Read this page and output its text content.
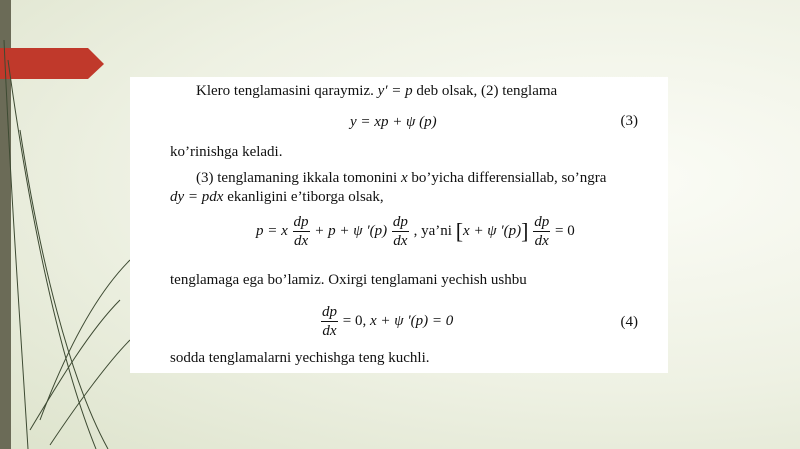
Klero tenglamasini qaraymiz. y′ = p deb olsak, (2) tenglama
y = xp + ψ (p)	(3)
ko’rinishga keladi.
(3) tenglamaning ikkala tomonini x bo’yicha differensiallab, so’ngra
dy = pdx ekanligini e’tiborga olsak,
p = x $\frac{dp}{dx} + p + \psi$ $'(p) \frac{dp}{dx}$ , ya’ni [x + ψ $'(p)] \frac{dp}{dx} = 0$
tenglamaga ega bo’lamiz. Oxirgi tenglamani yechish ushbu
$\frac{dp}{dx} = 0$, x + ψ ′(p) = 0	(4)
sodda tenglamalarni yechishga teng kuchli.
